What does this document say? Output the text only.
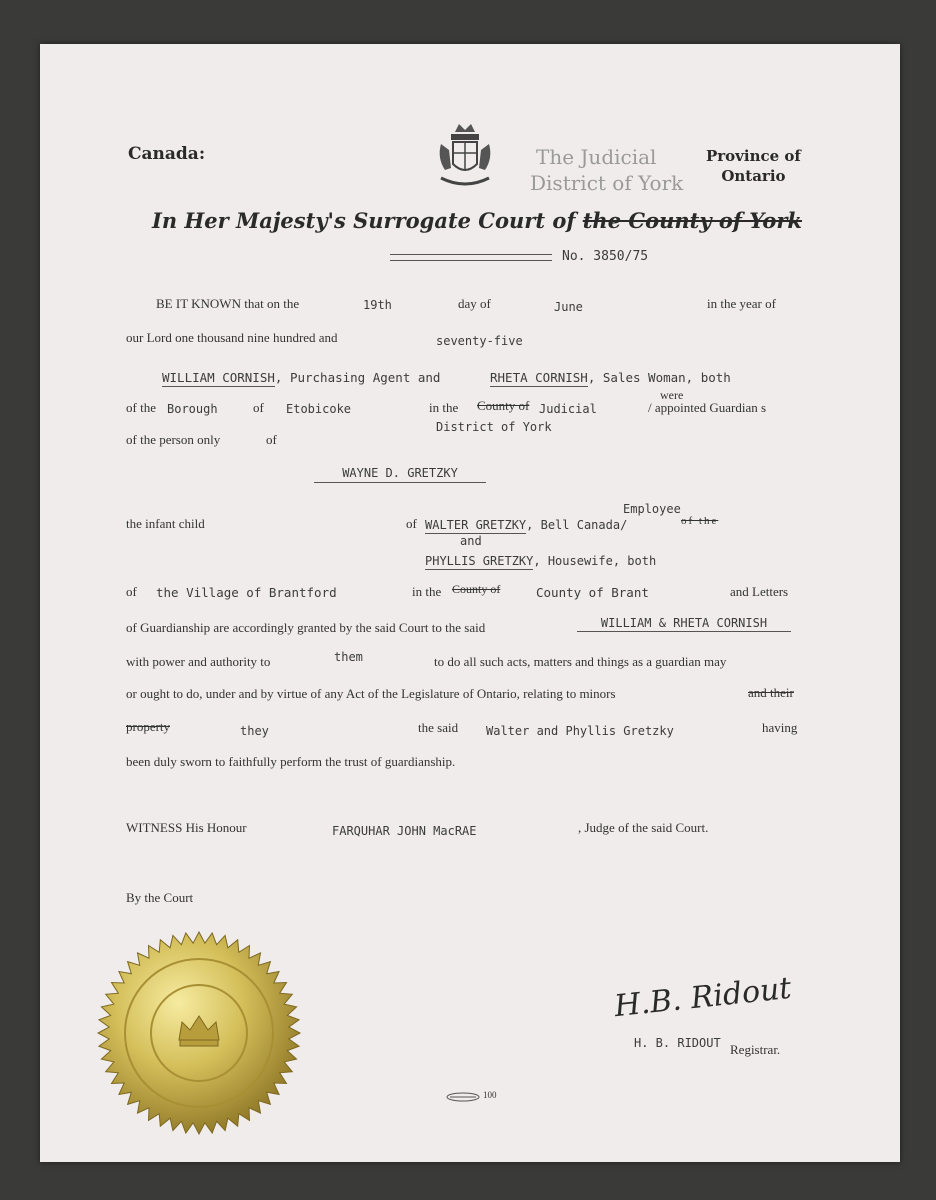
Canada:	The Judicial
District of York
Province of
Ontario
In Her Majesty's Surrogate Court of the County of York
No. 3850/75
BE IT KNOWN that on the	19th	day of	June	in the year of
our Lord one thousand nine hundred and	seventy-five
WILLIAM CORNISH, Purchasing Agent and	RHETA CORNISH, Sales Woman, both
of the Borough	of Etobicoke	in the County of Judicial
District of York
were
/ appointed Guardian s
of the person only	of
WAYNE D. GRETZKY
Employee
the infant child	of WALTER GRETZKY, Bell Canada/	of the
and
PHYLLIS GRETZKY, Housewife, both
of the Village of Brantford	in the County of	County of Brant	and Letters
of Guardianship are accordingly granted by the said Court to the said	WILLIAM & RHETA CORNISH
with power and authority to	them	to do all such acts, matters and things as a guardian may
or ought to do, under and by virtue of any Act of the Legislature of Ontario, relating to minors	and their
property	they	the said Walter and Phyllis Gretzky	having
been duly sworn to faithfully perform the trust of guardianship.
WITNESS His Honour	FARQUHAR JOHN MacRAE	, Judge of the said Court.
By the Court
H.B. Ridout
H. B. RIDOUT Registrar.
100
